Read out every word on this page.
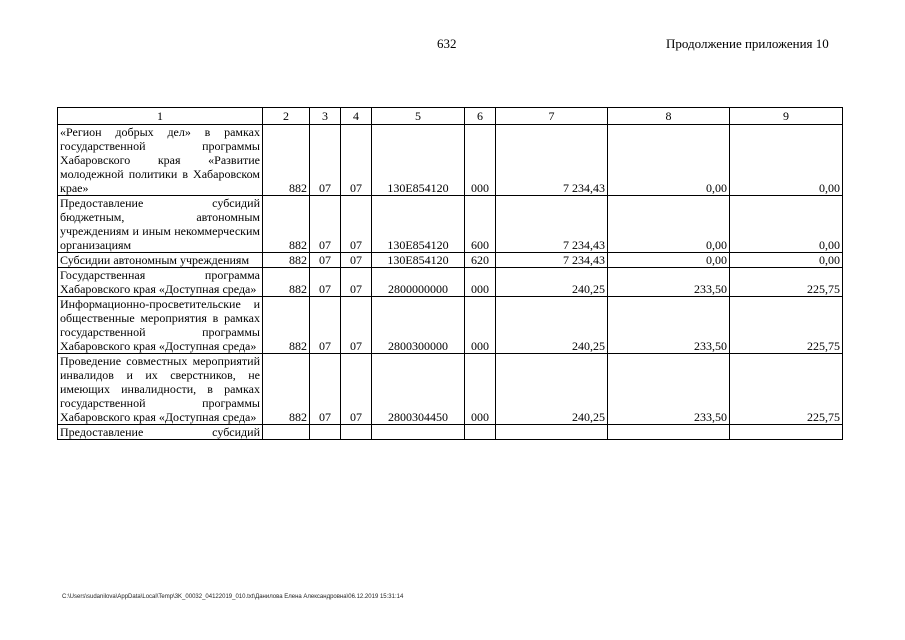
632	Продолжение приложения 10
1	2	3	4	5	6	7	8	9
«Регион добрых дел» в рамках государственной программы Хабаровского края «Развитие молодежной политики в Хабаровском крае»	882	07	07	130E854120	000	7 234,43	0,00	0,00
Предоставление субсидий бюджетным, автономным учреждениям и иным некоммерческим организациям	882	07	07	130E854120	600	7 234,43	0,00	0,00
Субсидии автономным учреждениям	882	07	07	130E854120	620	7 234,43	0,00	0,00
Государственная программа Хабаровского края «Доступная среда»	882	07	07	2800000000	000	240,25	233,50	225,75
Информационно-просветительские и общественные мероприятия в рамках государственной программы Хабаровского края «Доступная среда»	882	07	07	2800300000	000	240,25	233,50	225,75
Проведение совместных мероприятий инвалидов и их сверстников, не имеющих инвалидности, в рамках государственной программы Хабаровского края «Доступная среда»	882	07	07	2800304450	000	240,25	233,50	225,75
Предоставление субсидий								
C:\Users\sudanilova\AppData\Local\Temp\3K_00032_04122019_010.txt\Данилова Елена Александровна\06.12.2019 15:31:14
